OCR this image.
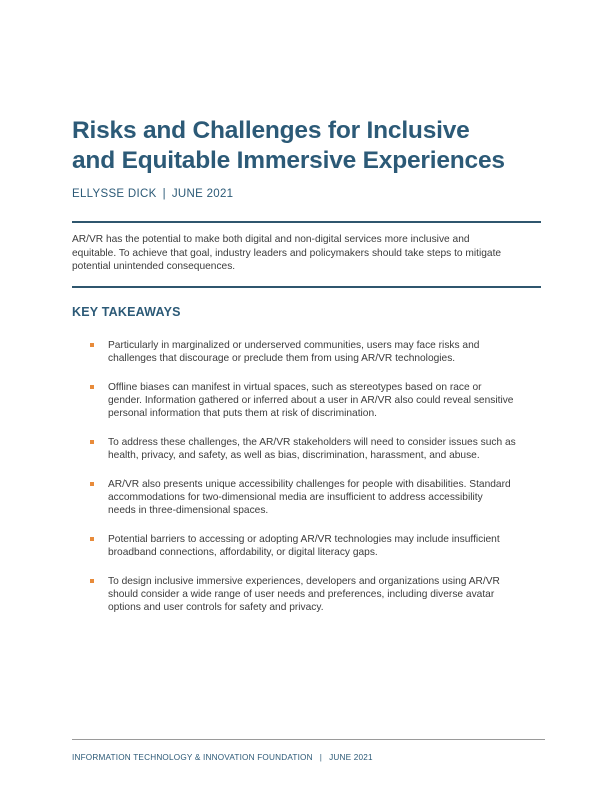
Risks and Challenges for Inclusive
and Equitable Immersive Experiences
ELLYSSE DICK | JUNE 2021

AR/VR has the potential to make both digital and non-digital services more inclusive and
equitable. To achieve that goal, industry leaders and policymakers should take steps to mitigate
potential unintended consequences.

KEY TAKEAWAYS
Particularly in marginalized or underserved communities, users may face risks and
challenges that discourage or preclude them from using AR/VR technologies.
Offline biases can manifest in virtual spaces, such as stereotypes based on race or
gender. Information gathered or inferred about a user in AR/VR also could reveal sensitive
personal information that puts them at risk of discrimination.
To address these challenges, the AR/VR stakeholders will need to consider issues such as
health, privacy, and safety, as well as bias, discrimination, harassment, and abuse.
AR/VR also presents unique accessibility challenges for people with disabilities. Standard
accommodations for two-dimensional media are insufficient to address accessibility
needs in three-dimensional spaces.
Potential barriers to accessing or adopting AR/VR technologies may include insufficient
broadband connections, affordability, or digital literacy gaps.
To design inclusive immersive experiences, developers and organizations using AR/VR
should consider a wide range of user needs and preferences, including diverse avatar
options and user controls for safety and privacy.
INFORMATION TECHNOLOGY & INNOVATION FOUNDATION | JUNE 2021
